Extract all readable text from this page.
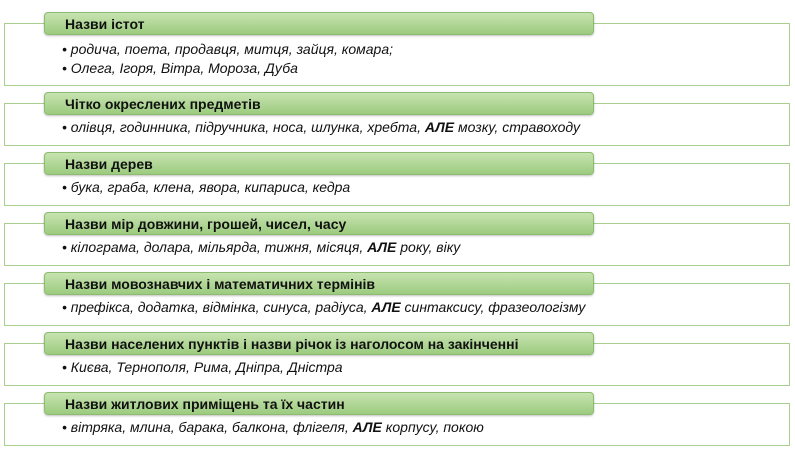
Назви істот
• родича, поета, продавця, митця, зайця, комара;
• Олега, Ігоря, Вітра, Мороза, Дуба
Чітко окреслених предметів
• олівця, годинника, підручника, носа, шлунка, хребта, АЛЕ мозку, стравоходу
Назви дерев
• бука, граба, клена, явора, кипариса, кедра
Назви мір довжини, грошей, чисел, часу
• кілограма, долара, мільярда, тижня, місяця, АЛЕ року, віку
Назви мовознавчих і математичних термінів
• префікса, додатка, відмінка, синуса, радіуса, АЛЕ синтаксису, фразеологізму
Назви населених пунктів і назви річок із наголосом на закінченні
• Києва, Тернополя, Рима, Дніпра, Дністра
Назви житлових приміщень та їх частин
• вітряка, млина, барака, балкона, флігеля, АЛЕ корпусу, покою
